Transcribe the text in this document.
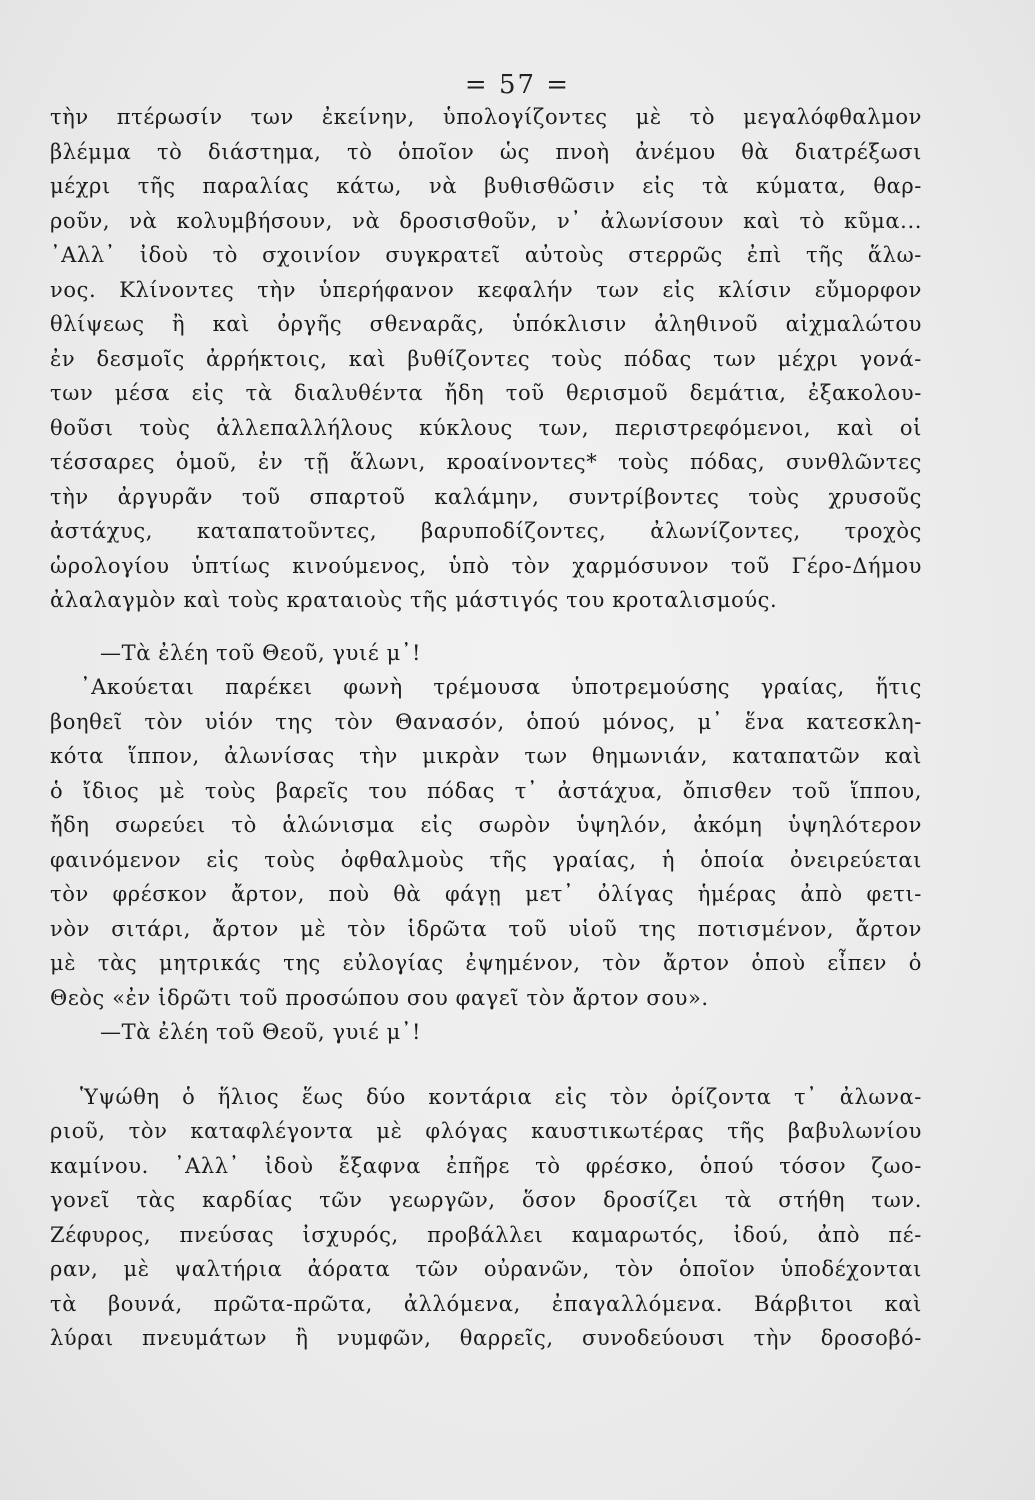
= 57 =
τὴν πτέρωσίν των ἐκείνην, ὑπολογίζοντες μὲ τὸ μεγαλόφθαλμον
βλέμμα τὸ διάστημα, τὸ ὁποῖον ὡς πνοὴ ἀνέμου θὰ διατρέξωσι
μέχρι τῆς παραλίας κάτω, νὰ βυθισθῶσιν εἰς τὰ κύματα, θαρ-
ροῦν, νὰ κολυμβήσουν, νὰ δροσισθοῦν, ν᾿ ἀλωνίσουν καὶ τὸ κῦμα...
᾿Αλλ᾿ ἰδοὺ τὸ σχοινίον συγκρατεῖ αὐτοὺς στερρῶς ἐπὶ τῆς ἅλω-
νος. Κλίνοντες τὴν ὑπερήφανον κεφαλήν των εἰς κλίσιν εὔμορφον
θλίψεως ἢ καὶ ὀργῆς σθεναρᾶς, ὑπόκλισιν ἀληθινοῦ αἰχμαλώτου
ἐν δεσμοῖς ἀρρήκτοις, καὶ βυθίζοντες τοὺς πόδας των μέχρι γονά-
των μέσα εἰς τὰ διαλυθέντα ἤδη τοῦ θερισμοῦ δεμάτια, ἐξακολου-
θοῦσι τοὺς ἀλλεπαλλήλους κύκλους των, περιστρεφόμενοι, καὶ οἱ
τέσσαρες ὁμοῦ, ἐν τῇ ἅλωνι, κροαίνοντες* τοὺς πόδας, συνθλῶντες
τὴν ἀργυρᾶν τοῦ σπαρτοῦ καλάμην, συντρίβοντες τοὺς χρυσοῦς
ἀστάχυς, καταπατοῦντες, βαρυποδίζοντες, ἀλωνίζοντες, τροχὸς
ὡρολογίου ὑπτίως κινούμενος, ὑπὸ τὸν χαρμόσυνον τοῦ Γέρο-Δήμου
ἀλαλαγμὸν καὶ τοὺς κραταιοὺς τῆς μάστιγός του κροταλισμούς.
—Τὰ ἐλέη τοῦ Θεοῦ, γυιέ μ᾿!
᾿Ακούεται παρέκει φωνὴ τρέμουσα ὑποτρεμούσης γραίας, ἥτις
βοηθεῖ τὸν υἱόν της τὸν Θανασόν, ὁπού μόνος, μ᾿ ἕνα κατεσκλη-
κότα ἵππον, ἀλωνίσας τὴν μικρὰν των θημωνιάν, καταπατῶν καὶ
ὁ ἴδιος μὲ τοὺς βαρεῖς του πόδας τ᾿ ἀστάχυα, ὄπισθεν τοῦ ἵππου,
ἤδη σωρεύει τὸ ἁλώνισμα εἰς σωρὸν ὑψηλόν, ἀκόμη ὑψηλότερον
φαινόμενον εἰς τοὺς ὀφθαλμοὺς τῆς γραίας, ἡ ὁποία ὀνειρεύεται
τὸν φρέσκον ἄρτον, ποὺ θὰ φάγῃ μετ᾿ ὀλίγας ἡμέρας ἀπὸ φετι-
νὸν σιτάρι, ἄρτον μὲ τὸν ἱδρῶτα τοῦ υἱοῦ της ποτισμένον, ἄρτον
μὲ τὰς μητρικάς της εὐλογίας ἐψημένον, τὸν ἄρτον ὁποὺ εἶπεν ὁ
Θεὸς «ἐν ἱδρῶτι τοῦ προσώπου σου φαγεῖ τὸν ἄρτον σου».
—Τὰ ἐλέη τοῦ Θεοῦ, γυιέ μ᾿!
Ὑψώθη ὁ ἥλιος ἕως δύο κοντάρια εἰς τὸν ὁρίζοντα τ᾿ ἀλωνα-
ριοῦ, τὸν καταφλέγοντα μὲ φλόγας καυστικωτέρας τῆς βαβυλωνίου
καμίνου. ᾿Αλλ᾿ ἰδοὺ ἔξαφνα ἐπῆρε τὸ φρέσκο, ὁπού τόσον ζωο-
γονεῖ τὰς καρδίας τῶν γεωργῶν, ὅσον δροσίζει τὰ στήθη των.
Ζέφυρος, πνεύσας ἰσχυρός, προβάλλει καμαρωτός, ἰδού, ἀπὸ πέ-
ραν, μὲ ψαλτήρια ἀόρατα τῶν οὐρανῶν, τὸν ὁποῖον ὑποδέχονται
τὰ βουνά, πρῶτα-πρῶτα, ἀλλόμενα, ἐπαγαλλόμενα. Βάρβιτοι καὶ
λύραι πνευμάτων ἢ νυμφῶν, θαρρεῖς, συνοδεύουσι τὴν δροσοβό-
